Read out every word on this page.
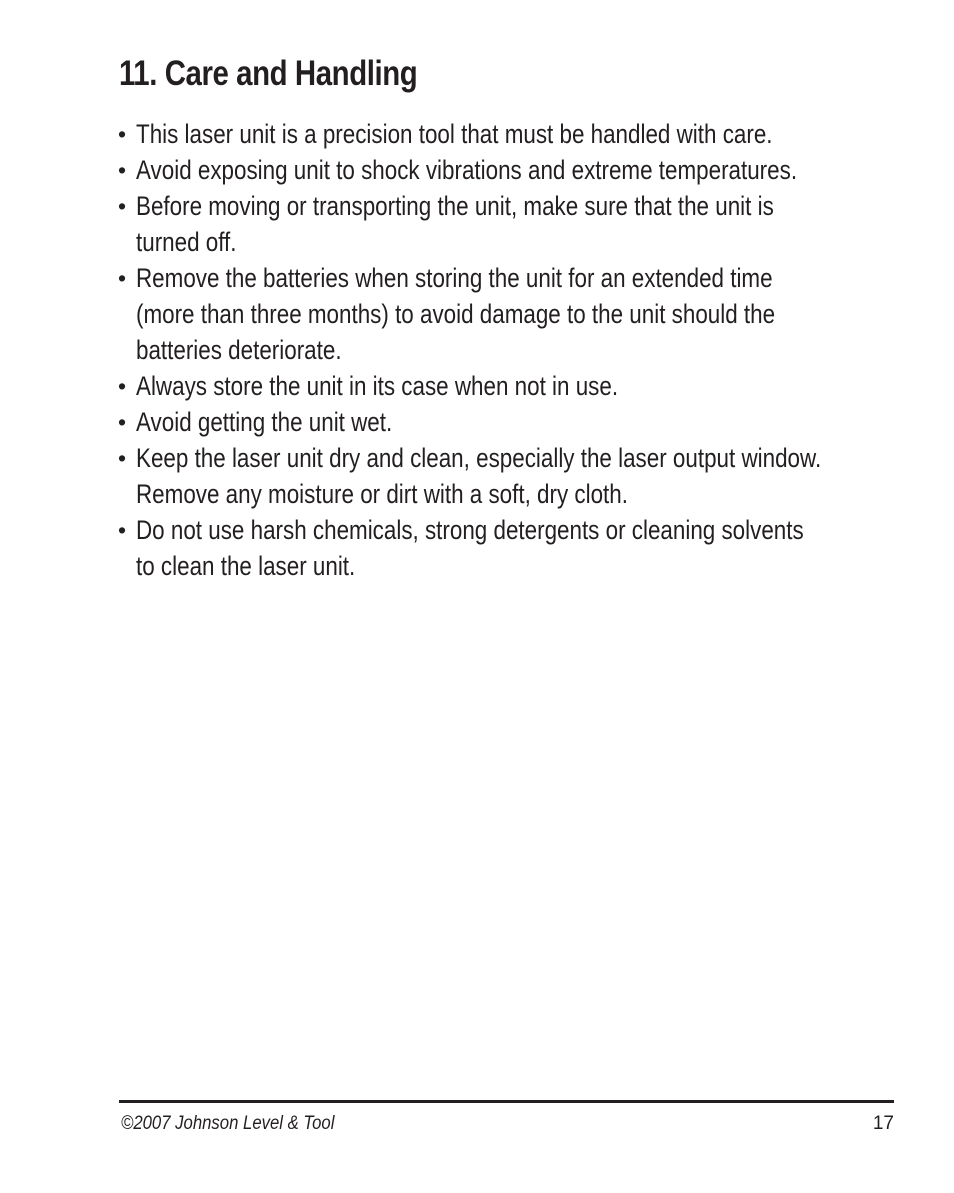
11. Care and Handling
• This laser unit is a precision tool that must be handled with care.
• Avoid exposing unit to shock vibrations and extreme temperatures.
• Before moving or transporting the unit, make sure that the unit is
turned off.
• Remove the batteries when storing the unit for an extended time
(more than three months) to avoid damage to the unit should the
batteries deteriorate.
• Always store the unit in its case when not in use.
• Avoid getting the unit wet.
• Keep the laser unit dry and clean, especially the laser output window.
Remove any moisture or dirt with a soft, dry cloth.
• Do not use harsh chemicals, strong detergents or cleaning solvents
to clean the laser unit.
©2007 Johnson Level & Tool	17
